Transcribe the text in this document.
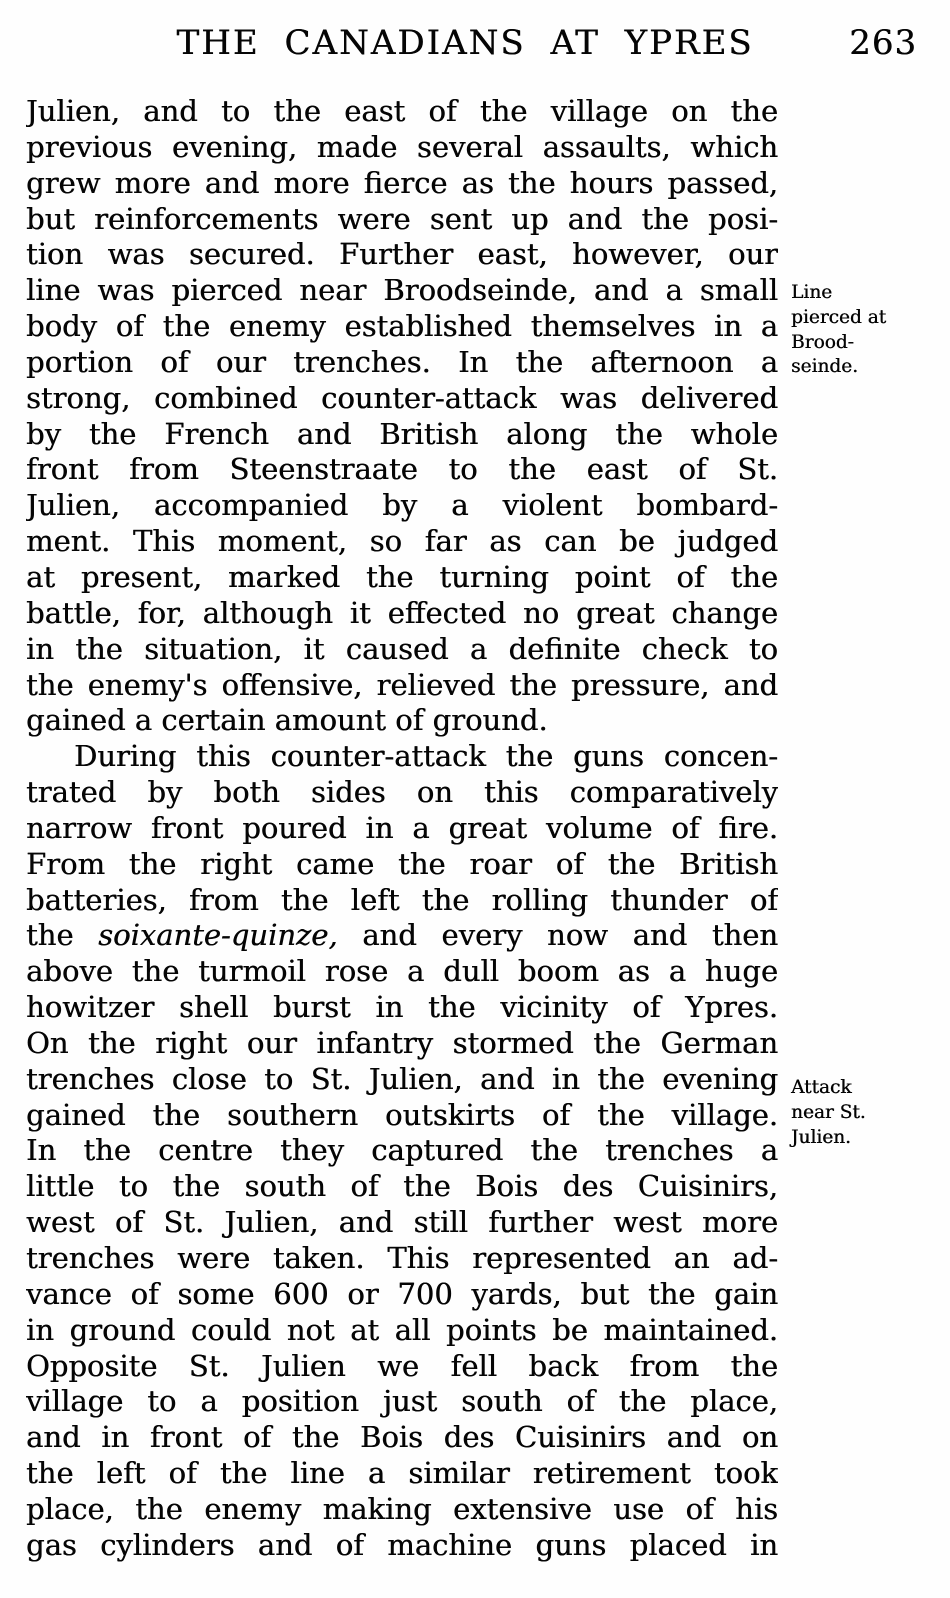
THE CANADIANS AT YPRES	263
Julien, and to the east of the village on the
previous evening, made several assaults, which
grew more and more fierce as the hours passed,
but reinforcements were sent up and the posi-
tion was secured. Further east, however, our
line was pierced near Broodseinde, and a small
body of the enemy established themselves in a
portion of our trenches. In the afternoon a
strong, combined counter-attack was delivered
by the French and British along the whole
front from Steenstraate to the east of St.
Julien, accompanied by a violent bombard-
ment. This moment, so far as can be judged
at present, marked the turning point of the
battle, for, although it effected no great change
in the situation, it caused a definite check to
the enemy's offensive, relieved the pressure, and
gained a certain amount of ground.
During this counter-attack the guns concen-
trated by both sides on this comparatively
narrow front poured in a great volume of fire.
From the right came the roar of the British
batteries, from the left the rolling thunder of
the soixante-quinze, and every now and then
above the turmoil rose a dull boom as a huge
howitzer shell burst in the vicinity of Ypres.
On the right our infantry stormed the German
trenches close to St. Julien, and in the evening
gained the southern outskirts of the village.
In the centre they captured the trenches a
little to the south of the Bois des Cuisinirs,
west of St. Julien, and still further west more
trenches were taken. This represented an ad-
vance of some 600 or 700 yards, but the gain
in ground could not at all points be maintained.
Opposite St. Julien we fell back from the
village to a position just south of the place,
and in front of the Bois des Cuisinirs and on
the left of the line a similar retirement took
place, the enemy making extensive use of his
gas cylinders and of machine guns placed in
Line
pierced at
Brood-
seinde.
Attack
near St.
Julien.
